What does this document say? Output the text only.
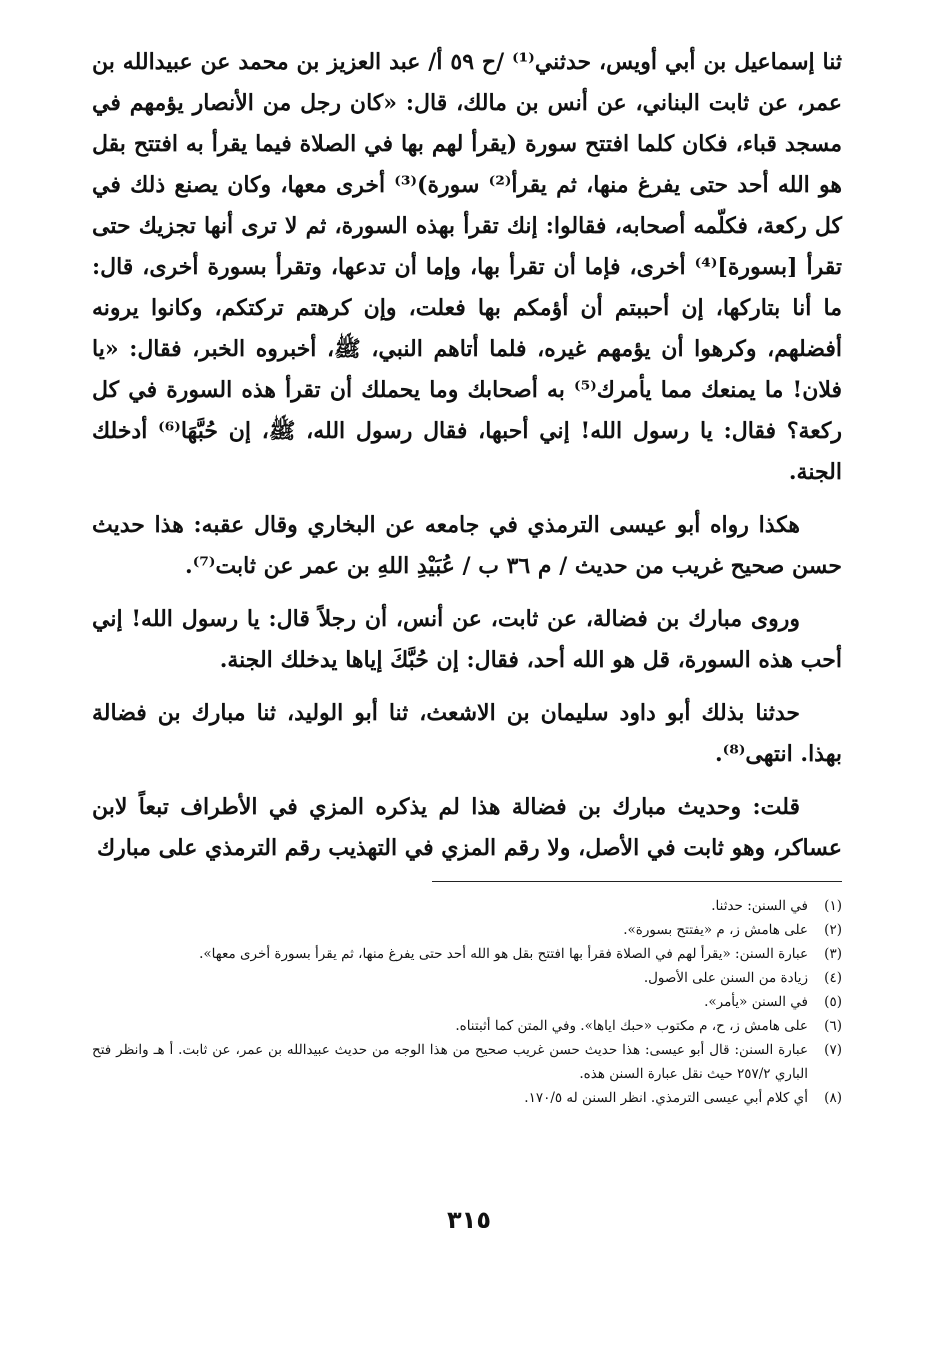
ثنا إسماعيل بن أبي أويس، حدثني⁽¹⁾ /ح ٥٩ أ/ عبد العزيز بن محمد عن عبيدالله بن عمر، عن ثابت البناني، عن أنس بن مالك، قال: «كان رجل من الأنصار يؤمهم في مسجد قباء، فكان كلما افتتح سورة (يقرأ لهم بها في الصلاة فيما يقرأ به افتتح بقل هو الله أحد حتى يفرغ منها، ثم يقرأ⁽²⁾ سورة)⁽³⁾ أخرى معها، وكان يصنع ذلك في كل ركعة، فكلّمه أصحابه، فقالوا: إنك تقرأ بهذه السورة، ثم لا ترى أنها تجزيك حتى تقرأ [بسورة]⁽⁴⁾ أخرى، فإما أن تقرأ بها، وإما أن تدعها، وتقرأ بسورة أخرى، قال: ما أنا بتاركها، إن أحببتم أن أؤمكم بها فعلت، وإن كرهتم تركتكم، وكانوا يرونه أفضلهم، وكرهوا أن يؤمهم غيره، فلما أتاهم النبي، ﷺ، أخبروه الخبر، فقال: «يا فلان! ما يمنعك مما يأمرك⁽⁵⁾ به أصحابك وما يحملك أن تقرأ هذه السورة في كل ركعة؟ فقال: يا رسول الله! إني أحبها، فقال رسول الله، ﷺ، إن حُبَّهَا⁽⁶⁾ أدخلك الجنة.

هكذا رواه أبو عيسى الترمذي في جامعه عن البخاري وقال عقبه: هذا حديث حسن صحيح غريب من حديث / م ٣٦ ب / عُبَيْدِ اللهِ بن عمر عن ثابت⁽⁷⁾.

وروى مبارك بن فضالة، عن ثابت، عن أنس، أن رجلاً قال: يا رسول الله! إني أحب هذه السورة، قل هو الله أحد، فقال: إن حُبَّكَ إياها يدخلك الجنة.

حدثنا بذلك أبو داود سليمان بن الاشعث، ثنا أبو الوليد، ثنا مبارك بن فضالة بهذا. انتهى⁽⁸⁾.

قلت: وحديث مبارك بن فضالة هذا لم يذكره المزي في الأطراف تبعاً لابن عساكر، وهو ثابت في الأصل، ولا رقم المزي في التهذيب رقم الترمذي على مبارك

(١)
في السنن: حدثنا.
(٢)
على هامش ز، م «يفتتح بسورة».
(٣)
عبارة السنن: «يقرأ لهم في الصلاة فقرأ بها افتتح بقل هو الله أحد حتى يفرغ منها، ثم يقرأ بسورة أخرى معها».
(٤)
زيادة من السنن على الأصول.
(٥)
في السنن «يأمر».
(٦)
على هامش ز، ح، م مكتوب «حبك اياها». وفي المتن كما أثبتناه.
(٧)
عبارة السنن: قال أبو عيسى: هذا حديث حسن غريب صحيح من هذا الوجه من حديث عبيدالله بن عمر، عن ثابت. أ هـ وانظر فتح الباري ٢٥٧/٢ حيث نقل عبارة السنن هذه.
(٨)
أي كلام أبي عيسى الترمذي. انظر السنن له ١٧٠/٥.
٣١٥
